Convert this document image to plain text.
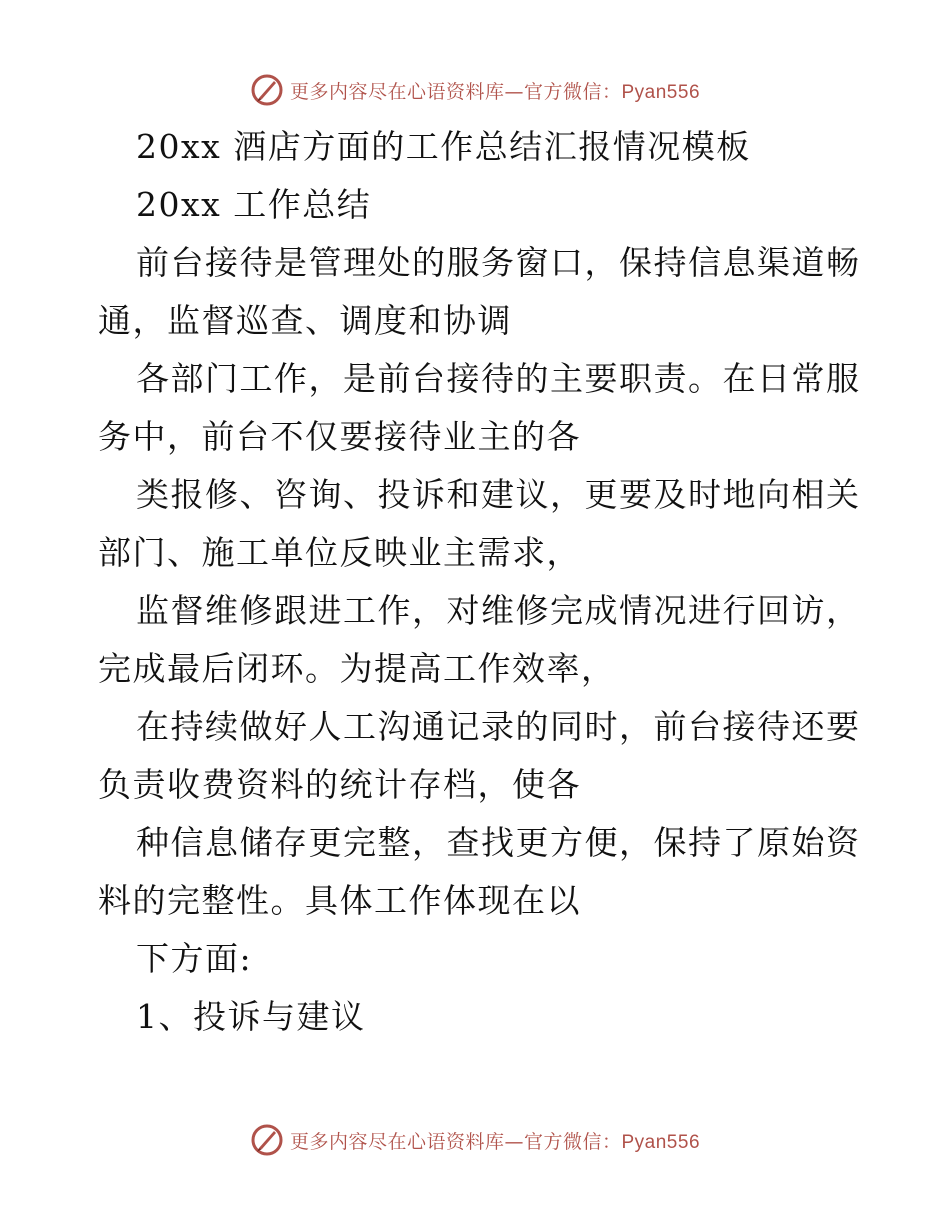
更多内容尽在心语资料库—官方微信：Pyan556
20xx 酒店方面的工作总结汇报情况模板
20xx 工作总结
前台接待是管理处的服务窗口，保持信息渠道畅
通，监督巡查、调度和协调
各部门工作，是前台接待的主要职责。在日常服
务中，前台不仅要接待业主的各
类报修、咨询、投诉和建议，更要及时地向相关
部门、施工单位反映业主需求，
监督维修跟进工作，对维修完成情况进行回访，
完成最后闭环。为提高工作效率，
在持续做好人工沟通记录的同时，前台接待还要
负责收费资料的统计存档，使各
种信息储存更完整，查找更方便，保持了原始资
料的完整性。具体工作体现在以
下方面:
1、投诉与建议
更多内容尽在心语资料库—官方微信：Pyan556
